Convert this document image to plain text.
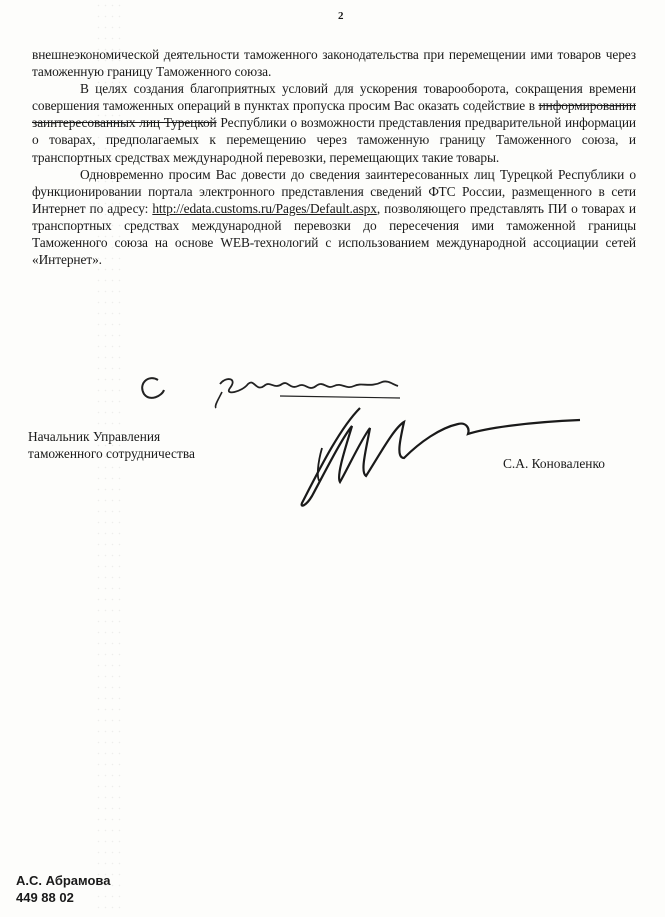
2

внешнеэкономической деятельности таможенного законодательства при перемещении ими товаров через таможенную границу Таможенного союза.

В целях создания благоприятных условий для ускорения товарооборота, сокращения времени совершения таможенных операций в пунктах пропуска просим Вас оказать содействие в информировании заинтересованных лиц Турецкой Республики о возможности представления предварительной информации о товарах, предполагаемых к перемещению через таможенную границу Таможенного союза, и транспортных средствах международной перевозки, перемещающих такие товары.

Одновременно просим Вас довести до сведения заинтересованных лиц Турецкой Республики о функционировании портала электронного представления сведений ФТС России, размещенного в сети Интернет по адресу: http://edata.customs.ru/Pages/Default.aspx, позволяющего представлять ПИ о товарах и транспортных средствах международной перевозки до пересечения ими таможенной границы Таможенного союза на основе WEB-технологий с использованием международной ассоциации сетей «Интернет».

Начальник Управления
таможенного сотрудничества
С.А. Коноваленко
А.С. Абрамова
449 88 02
